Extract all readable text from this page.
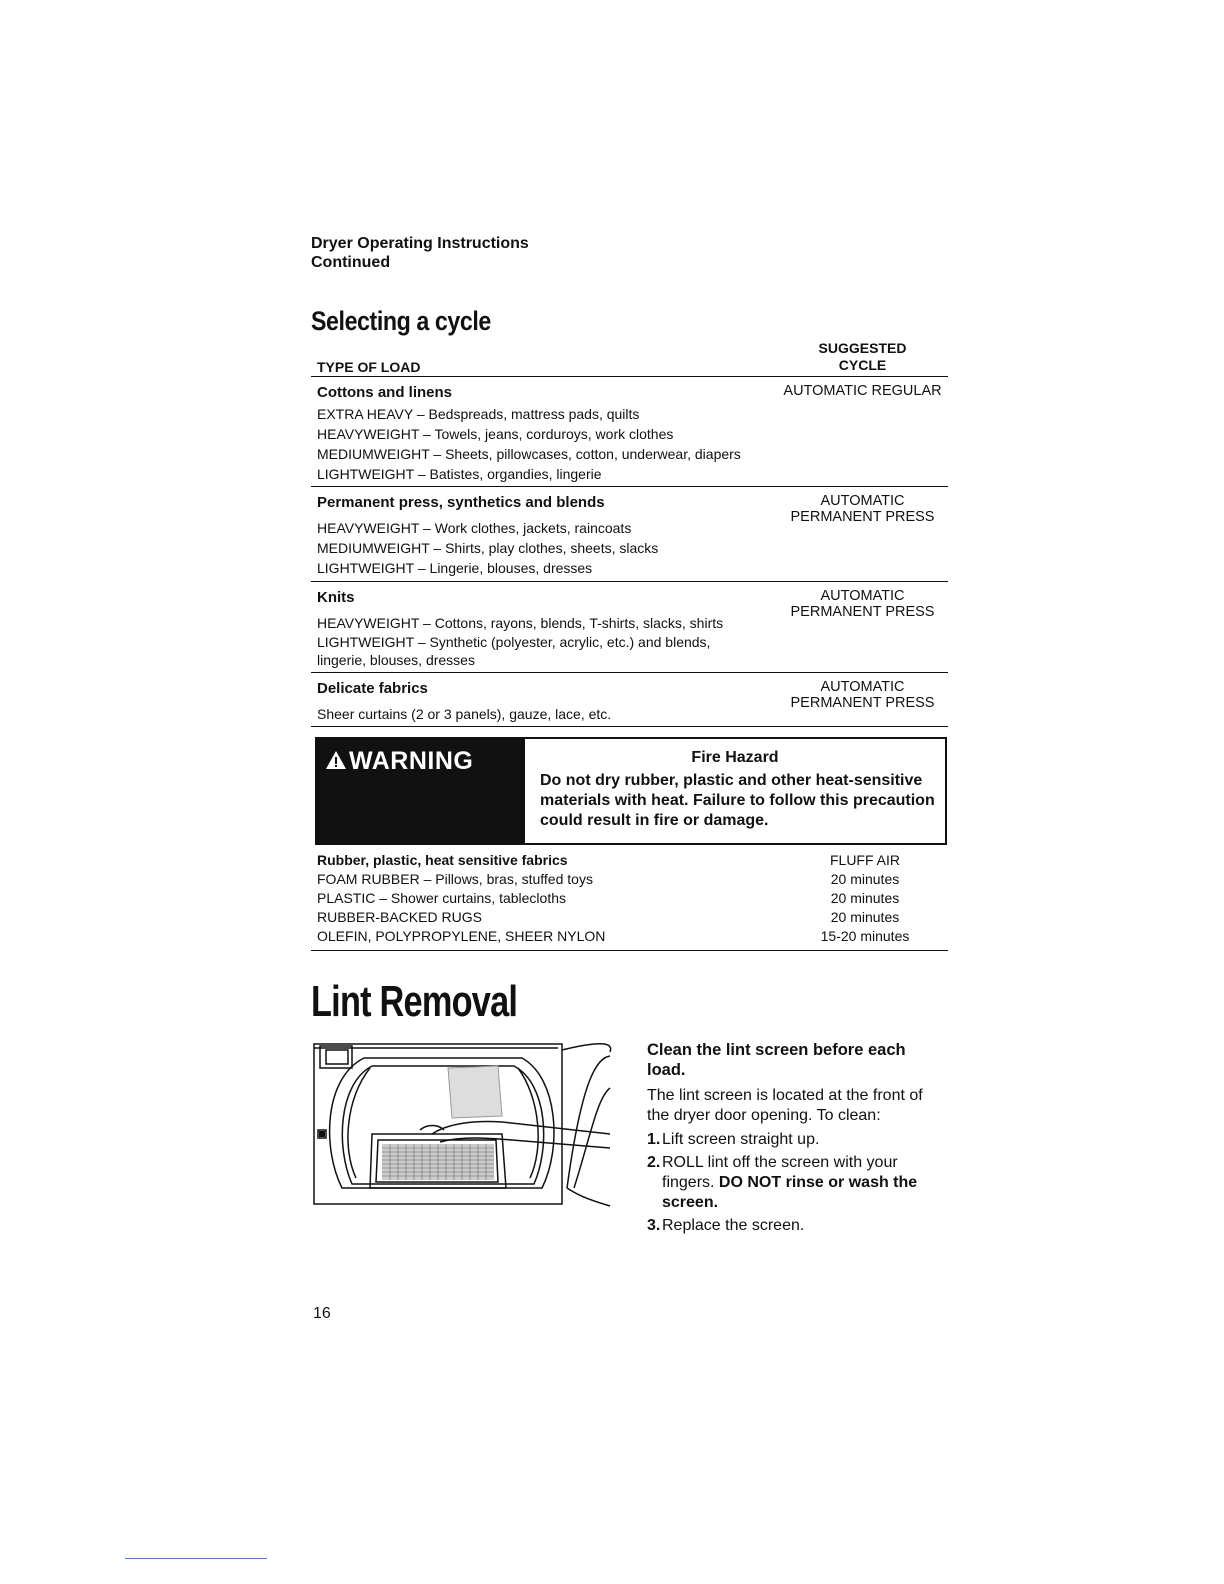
Dryer Operating Instructions
Continued
Selecting a cycle
TYPE OF LOAD
SUGGESTED
CYCLE
Cottons and linens
EXTRA HEAVY – Bedspreads, mattress pads, quilts
HEAVYWEIGHT – Towels, jeans, corduroys, work clothes
MEDIUMWEIGHT – Sheets, pillowcases, cotton, underwear, diapers
LIGHTWEIGHT – Batistes, organdies, lingerie
AUTOMATIC REGULAR
Permanent press, synthetics and blends
HEAVYWEIGHT – Work clothes, jackets, raincoats
MEDIUMWEIGHT – Shirts, play clothes, sheets, slacks
LIGHTWEIGHT – Lingerie, blouses, dresses
AUTOMATIC
PERMANENT PRESS
Knits
HEAVYWEIGHT – Cottons, rayons, blends, T-shirts, slacks, shirts
LIGHTWEIGHT – Synthetic (polyester, acrylic, etc.) and blends,
lingerie, blouses, dresses
AUTOMATIC
PERMANENT PRESS
Delicate fabrics
Sheer curtains (2 or 3 panels), gauze, lace, etc.
AUTOMATIC
PERMANENT PRESS
WARNING	Fire Hazard
Do not dry rubber, plastic and other heat-sensitive materials with heat. Failure to follow this precaution could result in fire or damage.
Rubber, plastic, heat sensitive fabrics
FOAM RUBBER – Pillows, bras, stuffed toys
PLASTIC – Shower curtains, tablecloths
RUBBER-BACKED RUGS
OLEFIN, POLYPROPYLENE, SHEER NYLON
FLUFF AIR
20 minutes
20 minutes
20 minutes
15-20 minutes
Lint Removal
Clean the lint screen before each load.

The lint screen is located at the front of the dryer door opening. To clean:

1. Lift screen straight up.
2. ROLL lint off the screen with your fingers. DO NOT rinse or wash the screen.
3. Replace the screen.
16
